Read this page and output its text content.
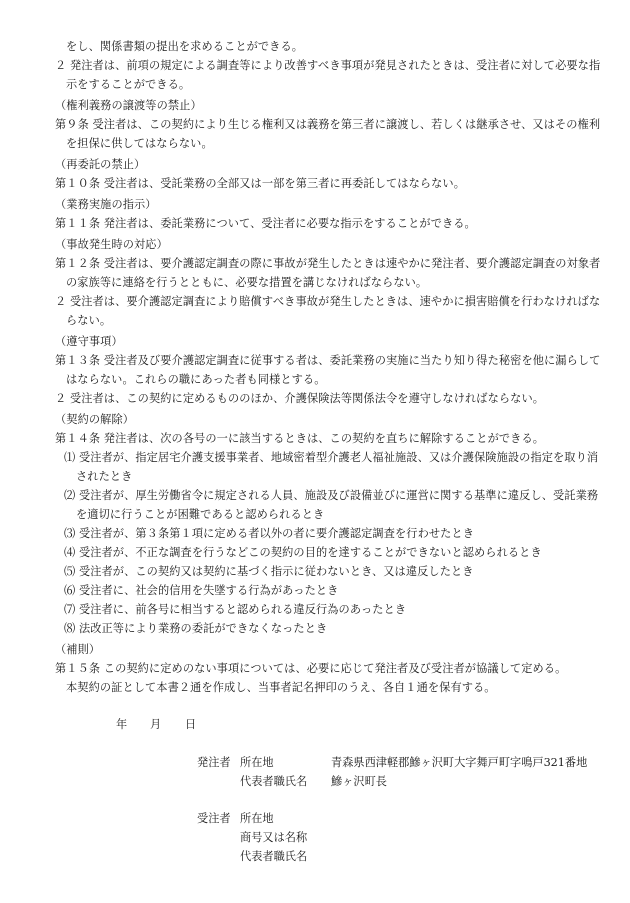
をし、関係書類の提出を求めることができる。
２ 発注者は、前項の規定による調査等により改善すべき事項が発見されたときは、受注者に対して必要な指
示をすることができる。
（権利義務の譲渡等の禁止）
第９条 受注者は、この契約により生じる権利又は義務を第三者に譲渡し、若しくは継承させ、又はその権利
を担保に供してはならない。
（再委託の禁止）
第１０条 受注者は、受託業務の全部又は一部を第三者に再委託してはならない。
（業務実施の指示）
第１１条 発注者は、委託業務について、受注者に必要な指示をすることができる。
（事故発生時の対応）
第１２条 受注者は、要介護認定調査の際に事故が発生したときは速やかに発注者、要介護認定調査の対象者
の家族等に連絡を行うとともに、必要な措置を講じなければならない。
２ 受注者は、要介護認定調査により賠償すべき事故が発生したときは、速やかに損害賠償を行わなければな
らない。
（遵守事項）
第１３条 受注者及び要介護認定調査に従事する者は、委託業務の実施に当たり知り得た秘密を他に漏らして
はならない。これらの職にあった者も同様とする。
２ 受注者は、この契約に定めるもののほか、介護保険法等関係法令を遵守しなければならない。
（契約の解除）
第１４条 発注者は、次の各号の一に該当するときは、この契約を直ちに解除することができる。
⑴ 受注者が、指定居宅介護支援事業者、地域密着型介護老人福祉施設、又は介護保険施設の指定を取り消
されたとき
⑵ 受注者が、厚生労働省令に規定される人員、施設及び設備並びに運営に関する基準に違反し、受託業務
を適切に行うことが困難であると認められるとき
⑶ 受注者が、第３条第１項に定める者以外の者に要介護認定調査を行わせたとき
⑷ 受注者が、不正な調査を行うなどこの契約の目的を達することができないと認められるとき
⑸ 受注者が、この契約又は契約に基づく指示に従わないとき、又は違反したとき
⑹ 受注者に、社会的信用を失墜する行為があったとき
⑺ 受注者に、前各号に相当すると認められる違反行為のあったとき
⑻ 法改正等により業務の委託ができなくなったとき
（補則）
第１５条 この契約に定めのない事項については、必要に応じて発注者及び受注者が協議して定める。
本契約の証として本書２通を作成し、当事者記名押印のうえ、各自１通を保有する。
年 月 日
発注者 所在地	青森県西津軽郡鰺ヶ沢町大字舞戸町字鳴戸321番地
代表者職氏名 鰺ヶ沢町長
受注者 所在地
商号又は名称
代表者職氏名
